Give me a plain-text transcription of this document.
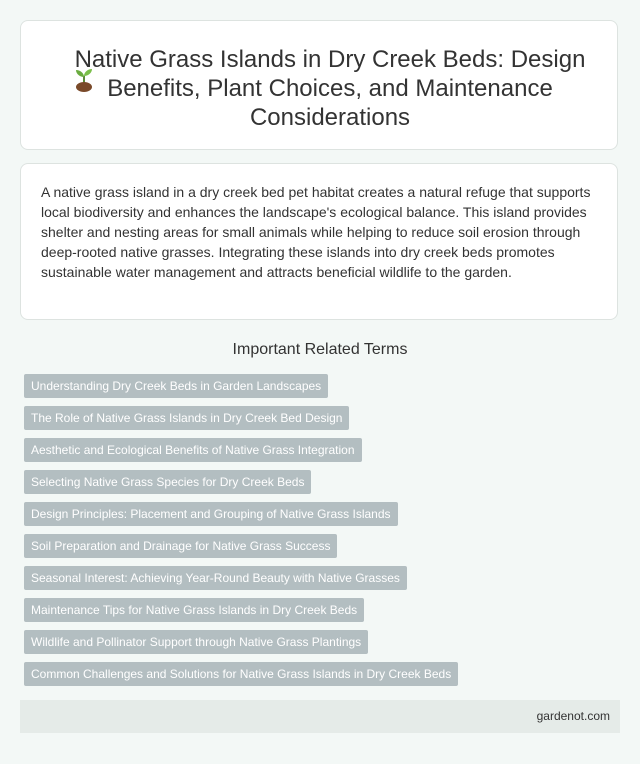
Native Grass Islands in Dry Creek Beds: Design Benefits, Plant Choices, and Maintenance Considerations
A native grass island in a dry creek bed pet habitat creates a natural refuge that supports local biodiversity and enhances the landscape's ecological balance. This island provides shelter and nesting areas for small animals while helping to reduce soil erosion through deep-rooted native grasses. Integrating these islands into dry creek beds promotes sustainable water management and attracts beneficial wildlife to the garden.
Important Related Terms
Understanding Dry Creek Beds in Garden Landscapes
The Role of Native Grass Islands in Dry Creek Bed Design
Aesthetic and Ecological Benefits of Native Grass Integration
Selecting Native Grass Species for Dry Creek Beds
Design Principles: Placement and Grouping of Native Grass Islands
Soil Preparation and Drainage for Native Grass Success
Seasonal Interest: Achieving Year-Round Beauty with Native Grasses
Maintenance Tips for Native Grass Islands in Dry Creek Beds
Wildlife and Pollinator Support through Native Grass Plantings
Common Challenges and Solutions for Native Grass Islands in Dry Creek Beds
gardenot.com
